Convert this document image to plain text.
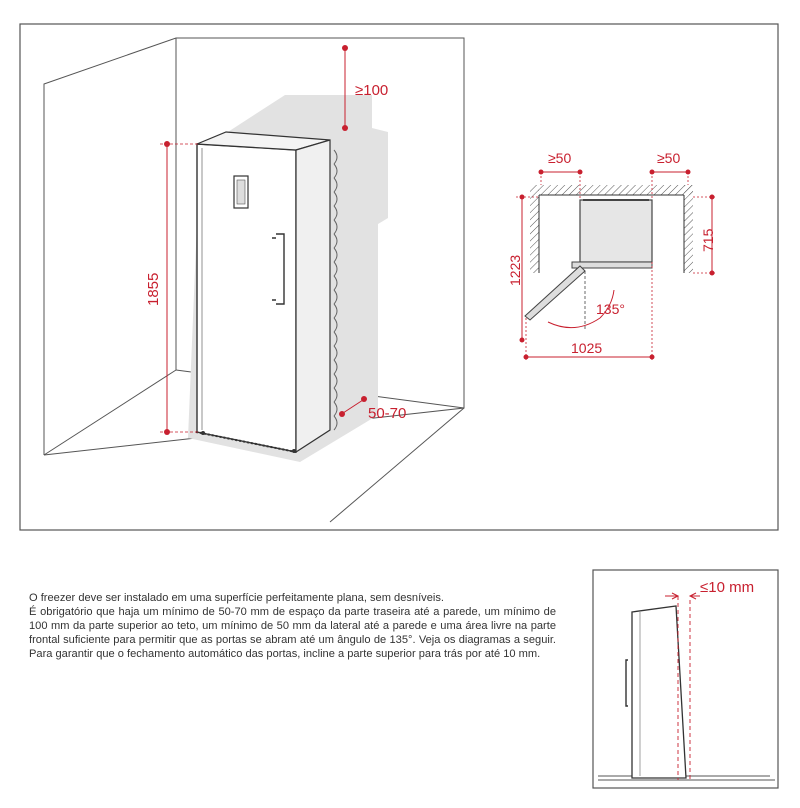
1855
≥100
50-70
135°
≥50	≥50
715
1223
1025
≤10 mm

O freezer deve ser instalado em uma superfície perfeitamente plana, sem desníveis.

É obrigatório que haja um mínimo de 50-70 mm de espaço da parte traseira até a parede, um mínimo de 100 mm da parte superior ao teto, um mínimo de 50 mm da lateral até a parede e uma área livre na parte frontal suficiente para permitir que as portas se abram até um ângulo de 135°. Veja os diagramas a seguir.

Para garantir que o fechamento automático das portas, incline a parte superior para trás por até 10 mm.
